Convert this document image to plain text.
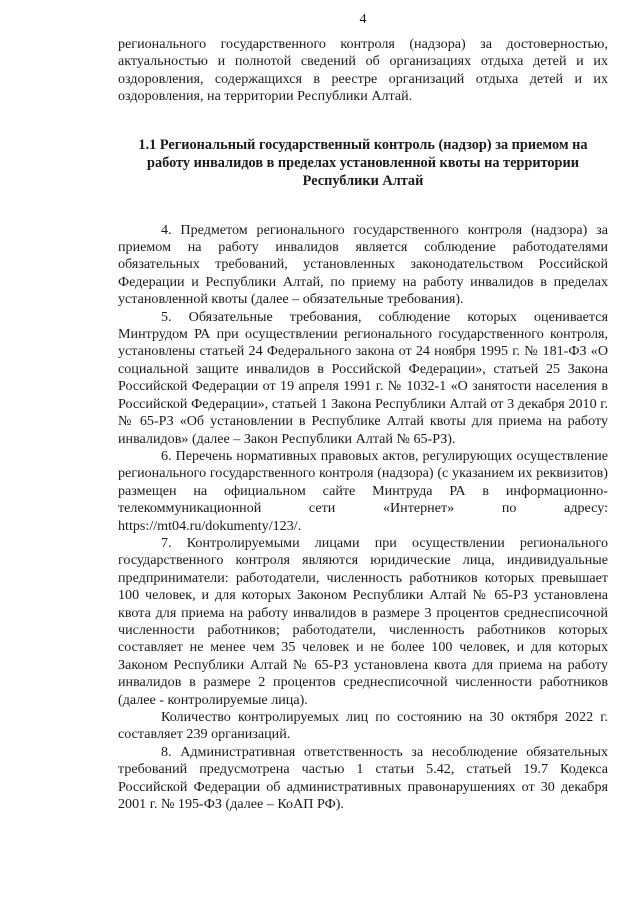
4

регионального государственного контроля (надзора) за достоверностью, актуальностью и полнотой сведений об организациях отдыха детей и их оздоровления, содержащихся в реестре организаций отдыха детей и их оздоровления, на территории Республики Алтай.

1.1 Региональный государственный контроль (надзор) за приемом на работу инвалидов в пределах установленной квоты на территории Республики Алтай

4. Предметом регионального государственного контроля (надзора) за приемом на работу инвалидов является соблюдение работодателями обязательных требований, установленных законодательством Российской Федерации и Республики Алтай, по приему на работу инвалидов в пределах установленной квоты (далее – обязательные требования).

5. Обязательные требования, соблюдение которых оценивается Минтрудом РА при осуществлении регионального государственного контроля, установлены статьей 24 Федерального закона от 24 ноября 1995 г. № 181-ФЗ «О социальной защите инвалидов в Российской Федерации», статьей 25 Закона Российской Федерации от 19 апреля 1991 г. № 1032-1 «О занятости населения в Российской Федерации», статьей 1 Закона Республики Алтай от 3 декабря 2010 г. № 65-РЗ «Об установлении в Республике Алтай квоты для приема на работу инвалидов» (далее – Закон Республики Алтай № 65-РЗ).

6. Перечень нормативных правовых актов, регулирующих осуществление регионального государственного контроля (надзора) (с указанием их реквизитов) размещен на официальном сайте Минтруда РА в информационно-телекоммуникационной сети «Интернет» по адресу: https://mt04.ru/dokumenty/123/.

7. Контролируемыми лицами при осуществлении регионального государственного контроля являются юридические лица, индивидуальные предприниматели: работодатели, численность работников которых превышает 100 человек, и для которых Законом Республики Алтай № 65-РЗ установлена квота для приема на работу инвалидов в размере 3 процентов среднесписочной численности работников; работодатели, численность работников которых составляет не менее чем 35 человек и не более 100 человек, и для которых Законом Республики Алтай № 65-РЗ установлена квота для приема на работу инвалидов в размере 2 процентов среднесписочной численности работников (далее - контролируемые лица).

Количество контролируемых лиц по состоянию на 30 октября 2022 г. составляет 239 организаций.

8. Административная ответственность за несоблюдение обязательных требований предусмотрена частью 1 статьи 5.42, статьей 19.7 Кодекса Российской Федерации об административных правонарушениях от 30 декабря 2001 г. № 195-ФЗ (далее – КоАП РФ).
